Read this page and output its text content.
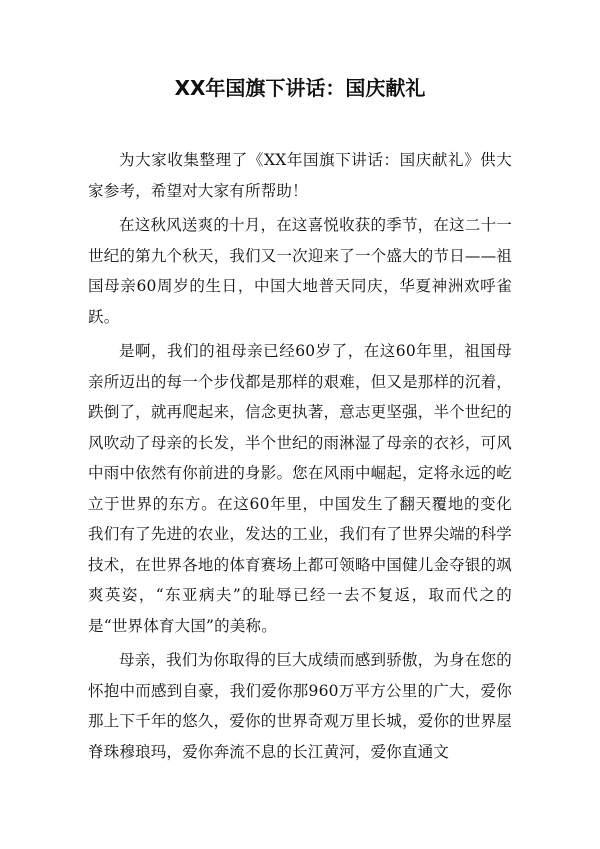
XX年国旗下讲话：国庆献礼

为大家收集整理了《XX年国旗下讲话：国庆献礼》供大家参考，希望对大家有所帮助！

在这秋风送爽的十月，在这喜悦收获的季节，在这二十一世纪的第九个秋天，我们又一次迎来了一个盛大的节日——祖国母亲60周岁的生日，中国大地普天同庆，华夏神洲欢呼雀跃。

是啊，我们的祖母亲已经60岁了，在这60年里，祖国母亲所迈出的每一个步伐都是那样的艰难，但又是那样的沉着，跌倒了，就再爬起来，信念更执著，意志更坚强，半个世纪的风吹动了母亲的长发，半个世纪的雨淋湿了母亲的衣衫，可风中雨中依然有你前进的身影。您在风雨中崛起，定将永远的屹立于世界的东方。在这60年里，中国发生了翻天覆地的变化我们有了先进的农业，发达的工业，我们有了世界尖端的科学技术，在世界各地的体育赛场上都可领略中国健儿金夺银的飒爽英姿，“东亚病夫”的耻辱已经一去不复返，取而代之的是“世界体育大国”的美称。

母亲，我们为你取得的巨大成绩而感到骄傲，为身在您的怀抱中而感到自豪，我们爱你那960万平方公里的广大，爱你那上下千年的悠久，爱你的世界奇观万里长城，爱你的世界屋脊珠穆琅玛，爱你奔流不息的长江黄河，爱你直通文
